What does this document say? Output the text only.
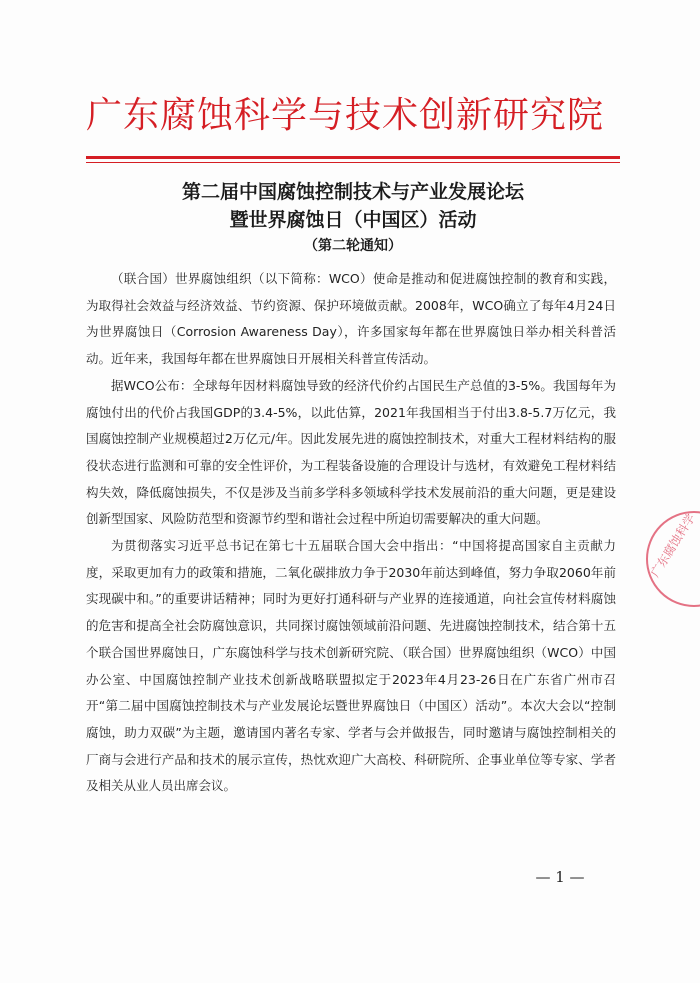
广东腐蚀科学与技术创新研究院
第二届中国腐蚀控制技术与产业发展论坛
暨世界腐蚀日（中国区）活动
（第二轮通知）

（联合国）世界腐蚀组织（以下简称：WCO）使命是推动和促进腐蚀控制的教育和实践，为取得社会效益与经济效益、节约资源、保护环境做贡献。2008年，WCO确立了每年4月24日为世界腐蚀日（Corrosion Awareness Day），许多国家每年都在世界腐蚀日举办相关科普活动。近年来，我国每年都在世界腐蚀日开展相关科普宣传活动。

据WCO公布：全球每年因材料腐蚀导致的经济代价约占国民生产总值的3-5%。我国每年为腐蚀付出的代价占我国GDP的3.4-5%，以此估算，2021年我国相当于付出3.8-5.7万亿元，我国腐蚀控制产业规模超过2万亿元/年。因此发展先进的腐蚀控制技术，对重大工程材料结构的服役状态进行监测和可靠的安全性评价，为工程装备设施的合理设计与选材，有效避免工程材料结构失效，降低腐蚀损失，不仅是涉及当前多学科多领域科学技术发展前沿的重大问题，更是建设创新型国家、风险防范型和资源节约型和谐社会过程中所迫切需要解决的重大问题。

为贯彻落实习近平总书记在第七十五届联合国大会中指出：“中国将提高国家自主贡献力度，采取更加有力的政策和措施，二氧化碳排放力争于2030年前达到峰值，努力争取2060年前实现碳中和。”的重要讲话精神；同时为更好打通科研与产业界的连接通道，向社会宣传材料腐蚀的危害和提高全社会防腐蚀意识，共同探讨腐蚀领域前沿问题、先进腐蚀控制技术，结合第十五个联合国世界腐蚀日，广东腐蚀科学与技术创新研究院、（联合国）世界腐蚀组织（WCO）中国办公室、中国腐蚀控制产业技术创新战略联盟拟定于2023年4月23-26日在广东省广州市召开“第二届中国腐蚀控制技术与产业发展论坛暨世界腐蚀日（中国区）活动”。本次大会以“控制腐蚀，助力双碳”为主题，邀请国内著名专家、学者与会并做报告，同时邀请与腐蚀控制相关的厂商与会进行产品和技术的展示宣传，热忱欢迎广大高校、科研院所、企事业单位等专家、学者及相关从业人员出席会议。

广东腐蚀科学
— 1 —
